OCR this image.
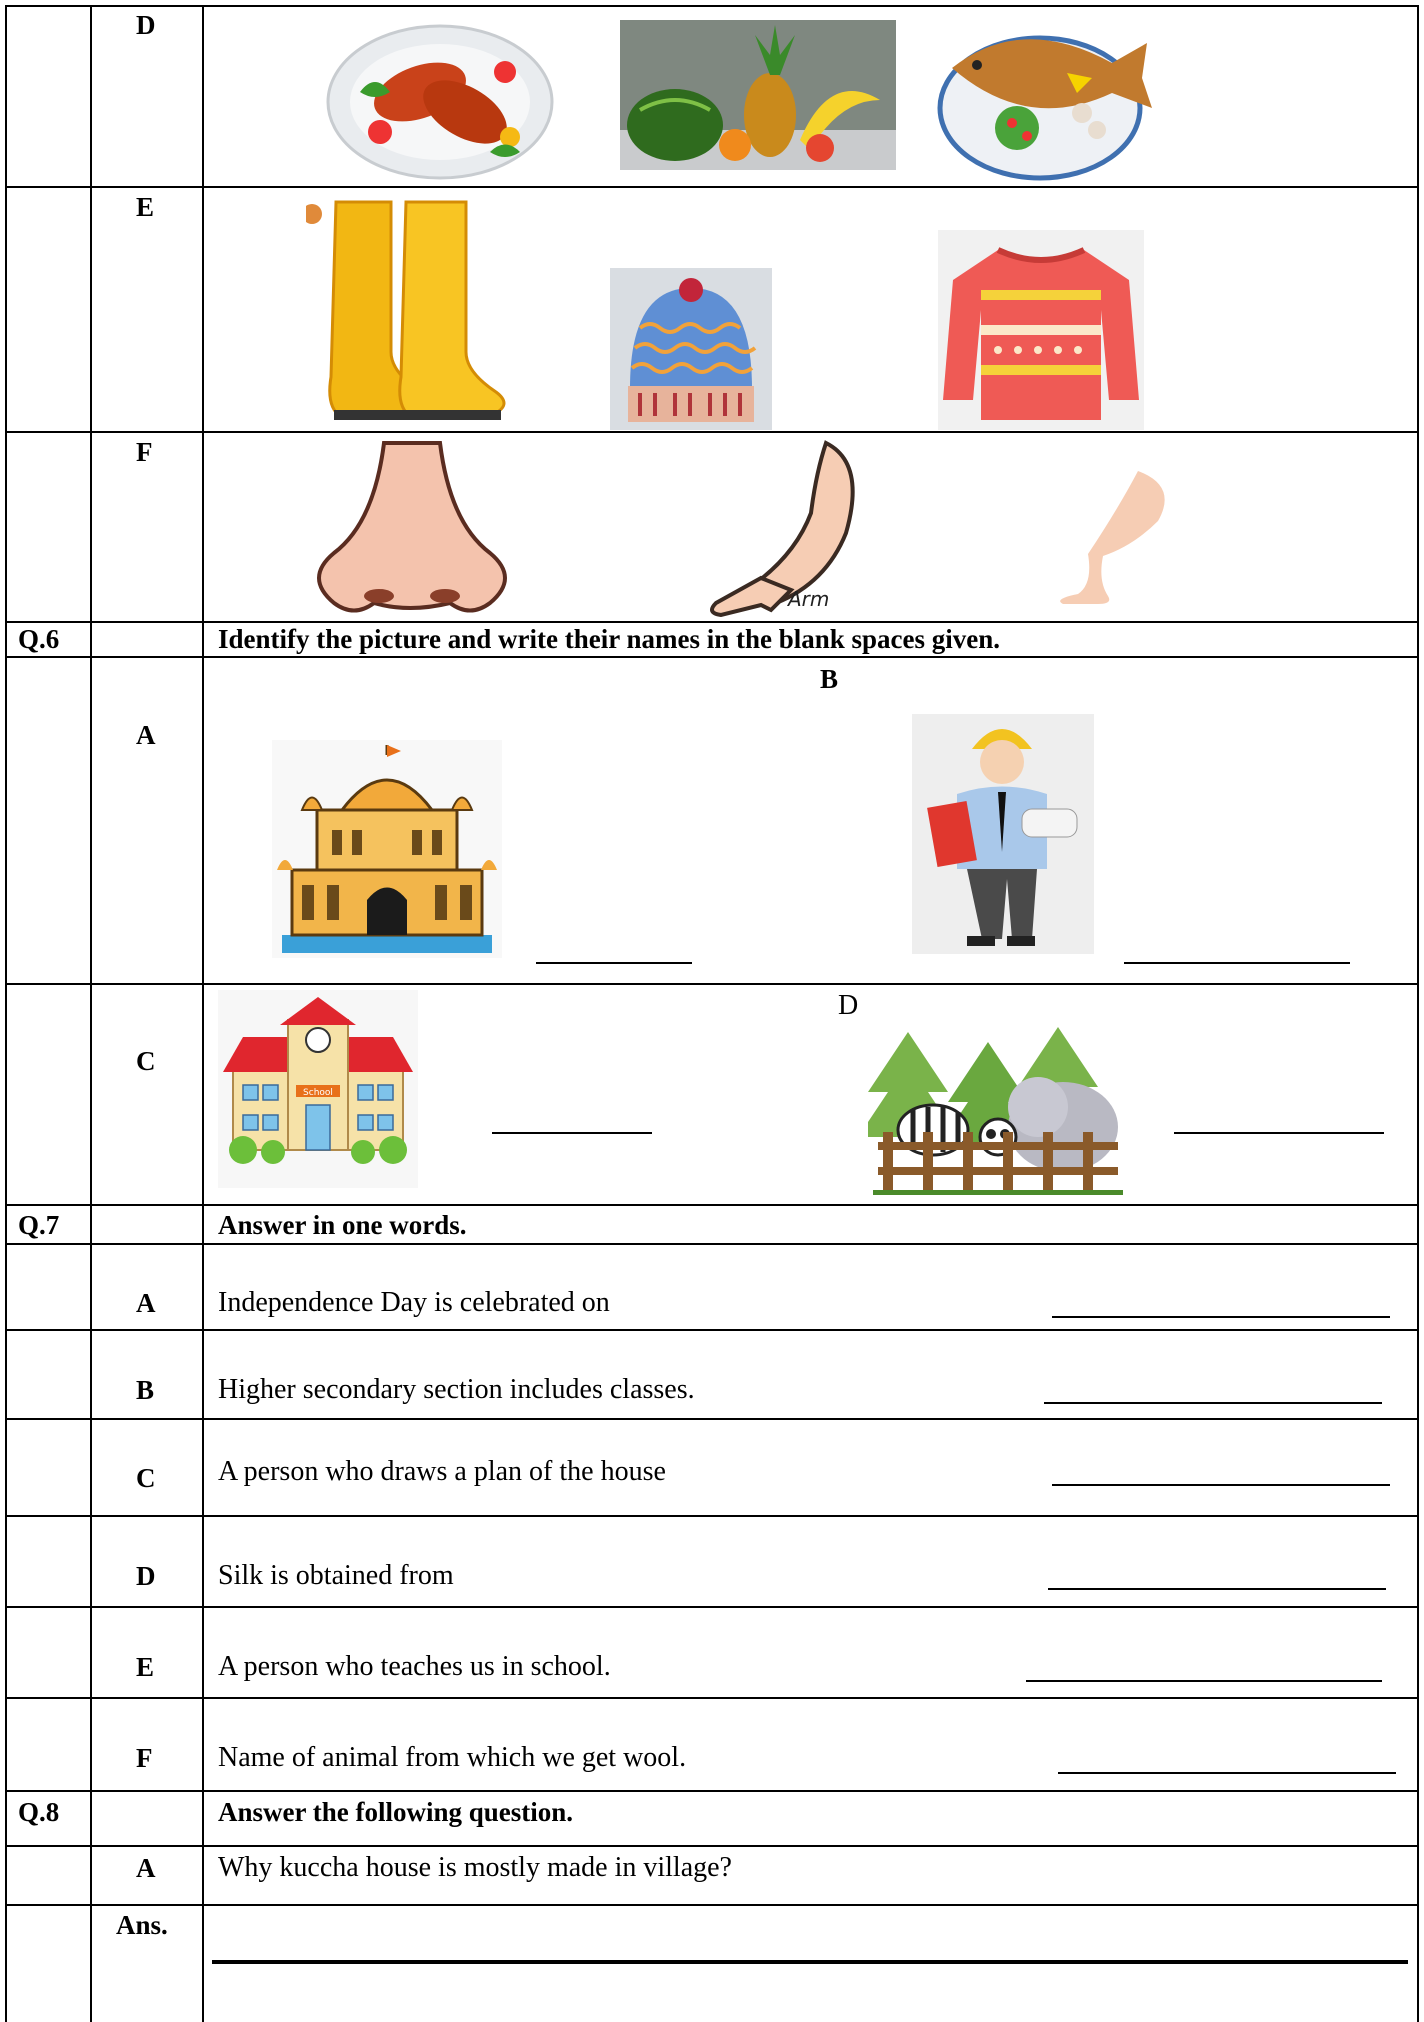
D
E
F
Arm
Q.6	Identify the picture and write their names in the blank spaces given.
A
B
C
D
School
Q.7	Answer in one words.
A Independence Day is celebrated on
B Higher secondary section includes classes.
C A person who draws a plan of the house
D Silk is obtained from
E A person who teaches us in school.
F Name of animal from which we get wool.
Q.8	Answer the following question.
A Why kuccha house is mostly made in village?
Ans.
